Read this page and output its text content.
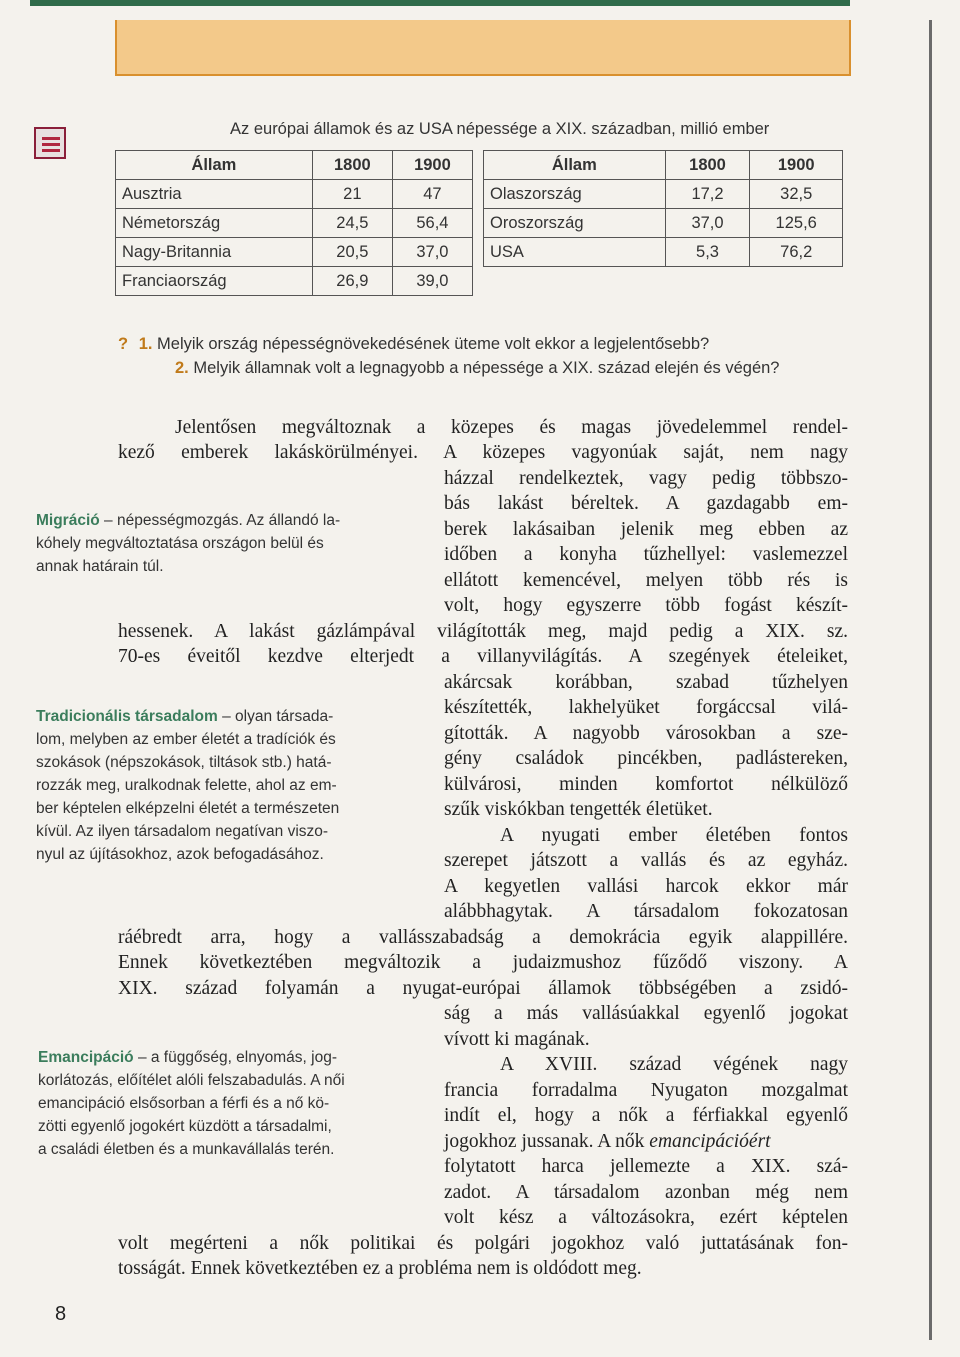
Az európai államok és az USA népessége a XIX. században, millió ember
Állam	1800	1900
Ausztria	21	47
Németország	24,5	56,4
Nagy-Britannia	20,5	37,0
Franciaország	26,9	39,0
Állam	1800	1900
Olaszország	17,2	32,5
Oroszország	37,0	125,6
USA	5,3	76,2
? 1. Melyik ország népességnövekedésének üteme volt ekkor a legjelentősebb?
2. Melyik államnak volt a legnagyobb a népessége a XIX. század elején és végén?
Jelentősen megváltoznak a közepes és magas jövedelemmel rendel-
kező emberek lakáskörülményei. A közepes vagyonúak saját, nem nagy
házzal rendelkeztek, vagy pedig többszo-
bás lakást béreltek. A gazdagabb em-
berek lakásaiban jelenik meg ebben az
időben a konyha tűzhellyel: vaslemezzel
ellátott kemencével, melyen több rés is
volt, hogy egyszerre több fogást készít-
hessenek. A lakást gázlámpával világították meg, majd pedig a XIX. sz.
70-es éveitől kezdve elterjedt a villanyvilágítás. A szegények ételeiket,
akárcsak korábban, szabad tűzhelyen
készítették, lakhelyüket forgáccsal vilá-
gították. A nagyobb városokban a sze-
gény családok pincékben, padlástereken,
külvárosi, minden komfortot nélkülöző
szűk viskókban tengették életüket.
A nyugati ember életében fontos
szerepet játszott a vallás és az egyház.
A kegyetlen vallási harcok ekkor már
alábbhagytak. A társadalom fokozatosan
ráébredt arra, hogy a vallásszabadság a demokrácia egyik alappillére.
Ennek következtében megváltozik a judaizmushoz fűződő viszony. A
XIX. század folyamán a nyugat-európai államok többségében a zsidó-
ság a más vallásúakkal egyenlő jogokat
vívott ki magának.
A XVIII. század végének nagy
francia forradalma Nyugaton mozgalmat
indít el, hogy a nők a férfiakkal egyenlő
jogokhoz jussanak. A nők emancipációért
folytatott harca jellemezte a XIX. szá-
zadot. A társadalom azonban még nem
volt kész a változásokra, ezért képtelen
volt megérteni a nők politikai és polgári jogokhoz való juttatásának fon-
tosságát. Ennek következtében ez a probléma nem is oldódott meg.
Migráció – népességmozgás. Az állandó la-
kóhely megváltoztatása országon belül és
annak határain túl.
Tradicionális társadalom – olyan társada-
lom, melyben az ember életét a tradíciók és
szokások (népszokások, tiltások stb.) hatá-
rozzák meg, uralkodnak felette, ahol az em-
ber képtelen elképzelni életét a természeten
kívül. Az ilyen társadalom negatívan viszo-
nyul az újításokhoz, azok befogadásához.
Emancipáció – a függőség, elnyomás, jog-
korlátozás, előítélet alóli felszabadulás. A női
emancipáció elsősorban a férfi és a nő kö-
zötti egyenlő jogokért küzdött a társadalmi,
a családi életben és a munkavállalás terén.
8
